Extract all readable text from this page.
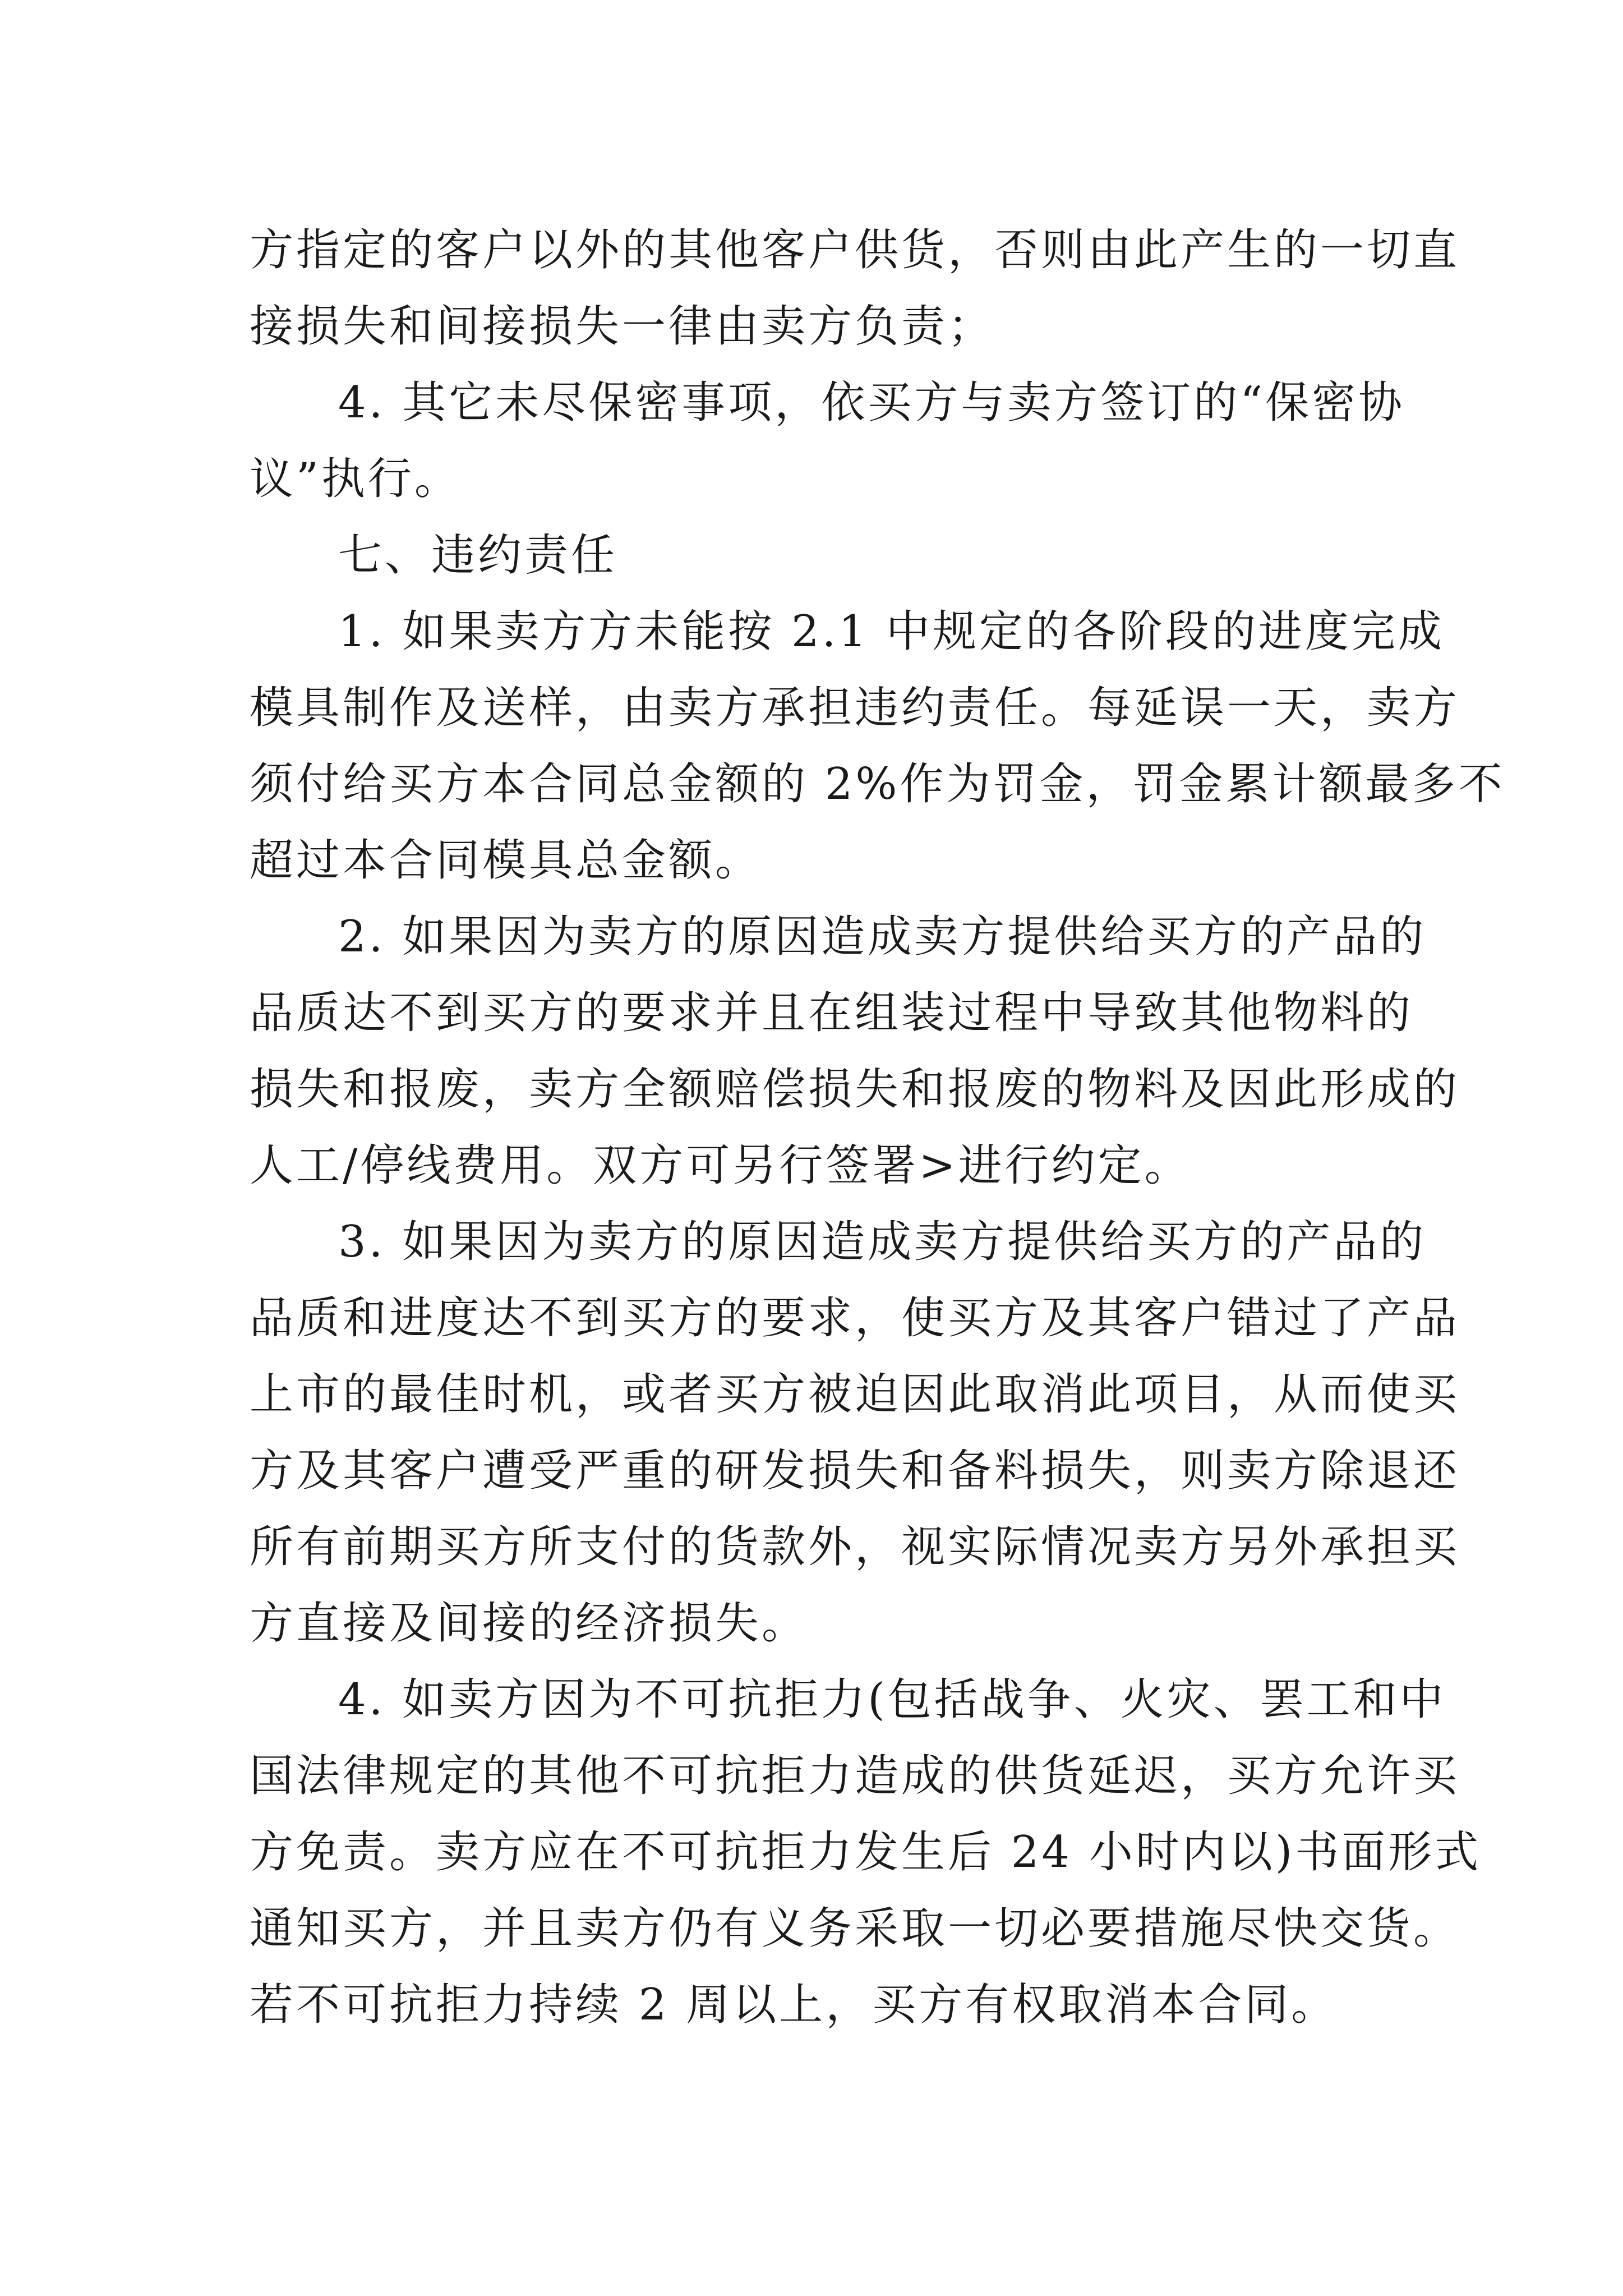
方指定的客户以外的其他客户供货，否则由此产生的一切直
接损失和间接损失一律由卖方负责；
4. 其它未尽保密事项，依买方与卖方签订的“保密协
议”执行。
七、违约责任
1. 如果卖方方未能按 2.1 中规定的各阶段的进度完成
模具制作及送样，由卖方承担违约责任。每延误一天，卖方
须付给买方本合同总金额的 2%作为罚金，罚金累计额最多不
超过本合同模具总金额。
2. 如果因为卖方的原因造成卖方提供给买方的产品的
品质达不到买方的要求并且在组装过程中导致其他物料的
损失和报废，卖方全额赔偿损失和报废的物料及因此形成的
人工/停线费用。双方可另行签署>进行约定。
3. 如果因为卖方的原因造成卖方提供给买方的产品的
品质和进度达不到买方的要求，使买方及其客户错过了产品
上市的最佳时机，或者买方被迫因此取消此项目，从而使买
方及其客户遭受严重的研发损失和备料损失，则卖方除退还
所有前期买方所支付的货款外，视实际情况卖方另外承担买
方直接及间接的经济损失。
4. 如卖方因为不可抗拒力(包括战争、火灾、罢工和中
国法律规定的其他不可抗拒力造成的供货延迟，买方允许买
方免责。卖方应在不可抗拒力发生后 24 小时内以)书面形式
通知买方，并且卖方仍有义务采取一切必要措施尽快交货。
若不可抗拒力持续 2 周以上，买方有权取消本合同。
